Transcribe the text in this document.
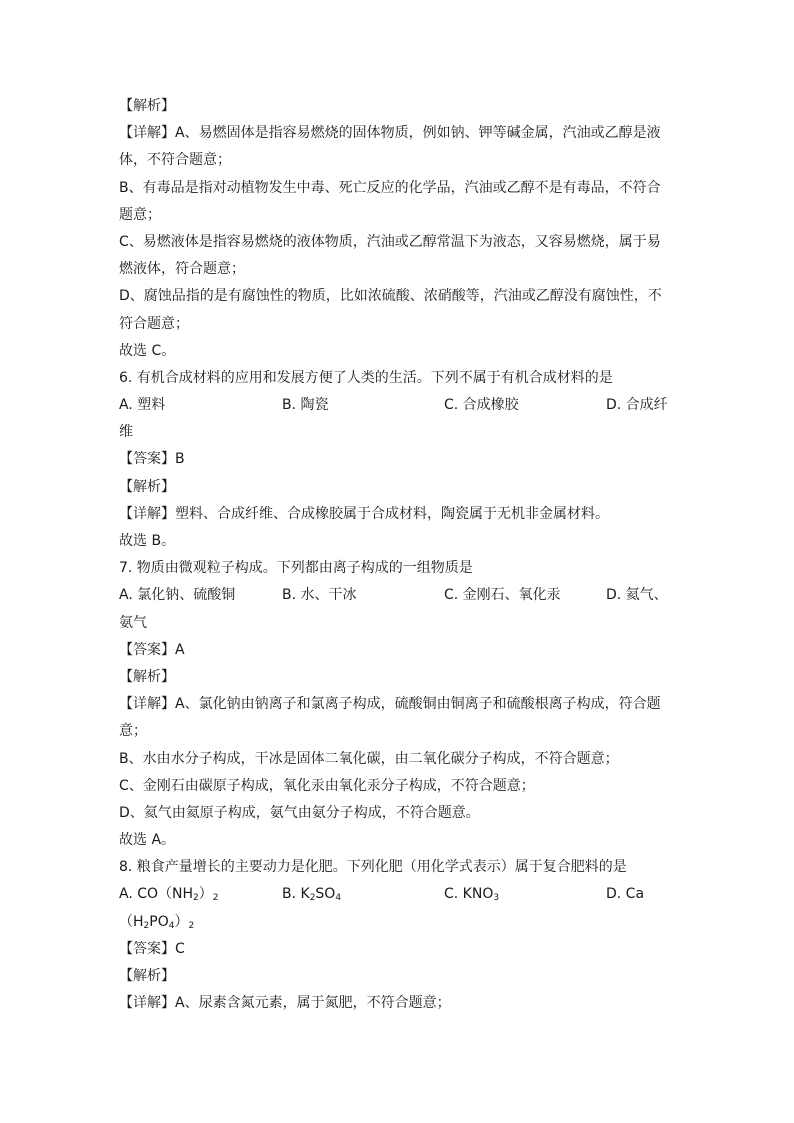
【解析】
【详解】A、易燃固体是指容易燃烧的固体物质，例如钠、钾等碱金属，汽油或乙醇是液
体，不符合题意；
B、有毒品是指对动植物发生中毒、死亡反应的化学品，汽油或乙醇不是有毒品，不符合
题意；
C、易燃液体是指容易燃烧的液体物质，汽油或乙醇常温下为液态，又容易燃烧，属于易
燃液体，符合题意；
D、腐蚀品指的是有腐蚀性的物质，比如浓硫酸、浓硝酸等，汽油或乙醇没有腐蚀性，不
符合题意；
故选 C。
6. 有机合成材料的应用和发展方便了人类的生活。下列不属于有机合成材料的是
A. 塑料	B. 陶瓷	C. 合成橡胶	D. 合成纤
维
【答案】B
【解析】
【详解】塑料、合成纤维、合成橡胶属于合成材料，陶瓷属于无机非金属材料。
故选 B。
7. 物质由微观粒子构成。下列都由离子构成的一组物质是
A. 氯化钠、硫酸铜	B. 水、干冰	C. 金刚石、氧化汞	D. 氦气、
氨气
【答案】A
【解析】
【详解】A、氯化钠由钠离子和氯离子构成，硫酸铜由铜离子和硫酸根离子构成，符合题
意；
B、水由水分子构成，干冰是固体二氧化碳，由二氧化碳分子构成，不符合题意；
C、金刚石由碳原子构成，氧化汞由氧化汞分子构成，不符合题意；
D、氦气由氦原子构成，氨气由氨分子构成，不符合题意。
故选 A。
8. 粮食产量增长的主要动力是化肥。下列化肥（用化学式表示）属于复合肥料的是
A. $CO(NH_2)_2$	B. $K_2SO_4$	C. $KNO_3$	D. Ca
$(H_2PO_4)_2$
【答案】C
【解析】
【详解】A、尿素含氮元素，属于氮肥，不符合题意；
